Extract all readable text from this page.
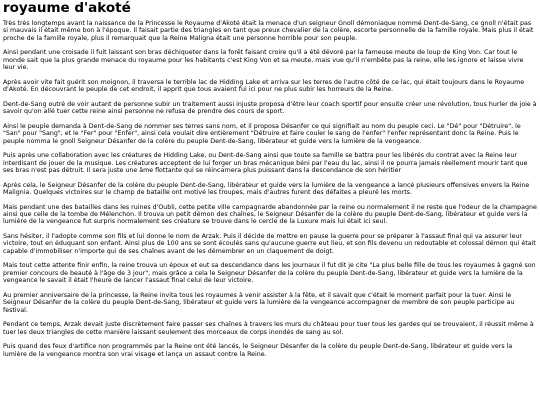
royaume d'akoté

Très très longtemps avant la naissance de la Princesse le Royaume d'Akoté était la menace d'un seigneur Gnoll démoniaque nommé Dent-de-Sang, ce gnoll n'était pas si mauvais il était même bon à l'époque. Il faisait partie des triangles en tant que preux chevalier de la colère, escorte personnelle de la famille royale. Mais plus il était proche de la famille royale, plus il remarquait que la Reine Maligna était une personne horrible pour son peuple.

Ainsi pendant une croisade il fuit laissant son bras déchiqueter dans la forêt faisant croire qu'il a été dévoré par la fameuse meute de loup de King Von. Car tout le monde sait que la plus grande menace du royaume pour les habitants c'est King Von et sa meute, mais vue qu'il n'embête pas la reine, elle les ignore et laisse vivre leur vie.

Après avoir vite fait guérit son moignon, il traversa le terrible lac de Hidding Lake et arriva sur les terres de l'autre côté de ce lac, qui était toujours dans le Royaume d'Akoté. En découvrant le peuple de cet endroit, il apprit que tous avaient fui ici pour ne plus subir les horreurs de la Reine.

Dent-de-Sang outré de voir autant de personne subir un traitement aussi injuste proposa d'être leur coach sportif pour ensuite créer une révolution, tous hurler de joie à savoir qu'on allé tuer cette reine ainsi personne ne refusa de prendre des cours de sport.

Ainsi le peuple demanda à Dent-de-Sang de nommer ses terres sans nom, et il proposa Désanfer ce qui signifiait au nom du peuple ceci. Le "Dé" pour "Détruire", le "San" pour "Sang", et le "Fer" pour "Enfer", ainsi cela voulait dire entièrement "Détruire et faire couler le sang de l'enfer" l'enfer représentant donc la Reine. Puis le peuple nomma le gnoll Seigneur Désanfer de la colère du peuple Dent-de-Sang, libérateur et guide vers la lumière de la vengeance.

Puis après une collaboration avec les créatures de Hidding Lake, ou Dent-de-Sang ainsi que toute sa famille se battra pour les libérés du contrat avec la Reine leur interdisant de jouer de la musique. Les créatures acceptent de lui forger un bras mécanique béni par l'eau du lac, ainsi il ne pourra jamais réellement mourir tant que ses bras n'est pas détruit. Il sera juste une âme flottante qui se réincarnera plus puissant dans la descendance de son héritier

Après cela, le Seigneur Désanfer de la colère du peuple Dent-de-Sang, libérateur et guide vers la lumière de la vengeance a lancé plusieurs offensives envers la Reine Malignia. Quelques victoires sur le champ de bataille ont motivé les troupes, mais d'autres furent des défaites a pleuré les morts.

Mais pendant une des batailles dans les ruines d'Oubli, cette petite ville campagnarde abandonnée par la reine ou normalement il ne reste que l'odeur de la champagne ainsi que celle de la tombe de Mélenchon. Il trouva un petit démon des chaînes, le Seigneur Désanfer de la colère du peuple Dent-de-Sang, libérateur et guide vers la lumière de la vengeance fut surpris normalement ses créature se trouve dans le cercle de la Luxure mais lui était ici seul.

Sans hésiter, il l'adopte comme son fils et lui donne le nom de Arzak. Puis il décide de mettre en pause la guerre pour se préparer à l'assaut final qui va assurer leur victoire, tout en éduquant son enfant. Ainsi plus de 100 ans se sont écoulés sans qu'aucune guerre eut lieu, et son fils devenu un redoutable et colossal démon qui était capable d'immobiliser n'importe qui de ses chaînes avant de les démembrer en un claquement de doigt.

Mais tout cette attente finir enfin, la reine trouva un époux et eut sa descendance dans les journaux il fut dit je cite "La plus belle fille de tous les royaumes à gagné son premier concours de beauté à l'âge de 3 jour", mais grâce a cela le Seigneur Désanfer de la colère du peuple Dent-de-Sang, libérateur et guide vers la lumière de la vengeance le savait il était l'heure de lancer l'assaut final celui de leur victoire.

Au premier anniversaire de la princesse, la Reine invita tous les royaumes à venir assister à la fête, et il savait que c'était le moment parfait pour la tuer. Ainsi le Seigneur Désanfer de la colère du peuple Dent-de-Sang, libérateur et guide vers la lumière de la vengeance accompagner de membre de son peuple participe au festival.

Pendant ce temps, Arzak devait juste discrètement faire passer ses chaînes à travers les murs du château pour tuer tous les gardes qui se trouvaient, il réussit même à tuer les deux triangles de cette manière laissant seulement des morceaux de corps inondés de sang au sol.

Puis quand des feux d'artifice non programmés par la Reine ont été lancés, le Seigneur Désanfer de la colère du peuple Dent-de-Sang, libérateur et guide vers la lumière de la vengeance montra son vrai visage et lança un assaut contre la Reine.
